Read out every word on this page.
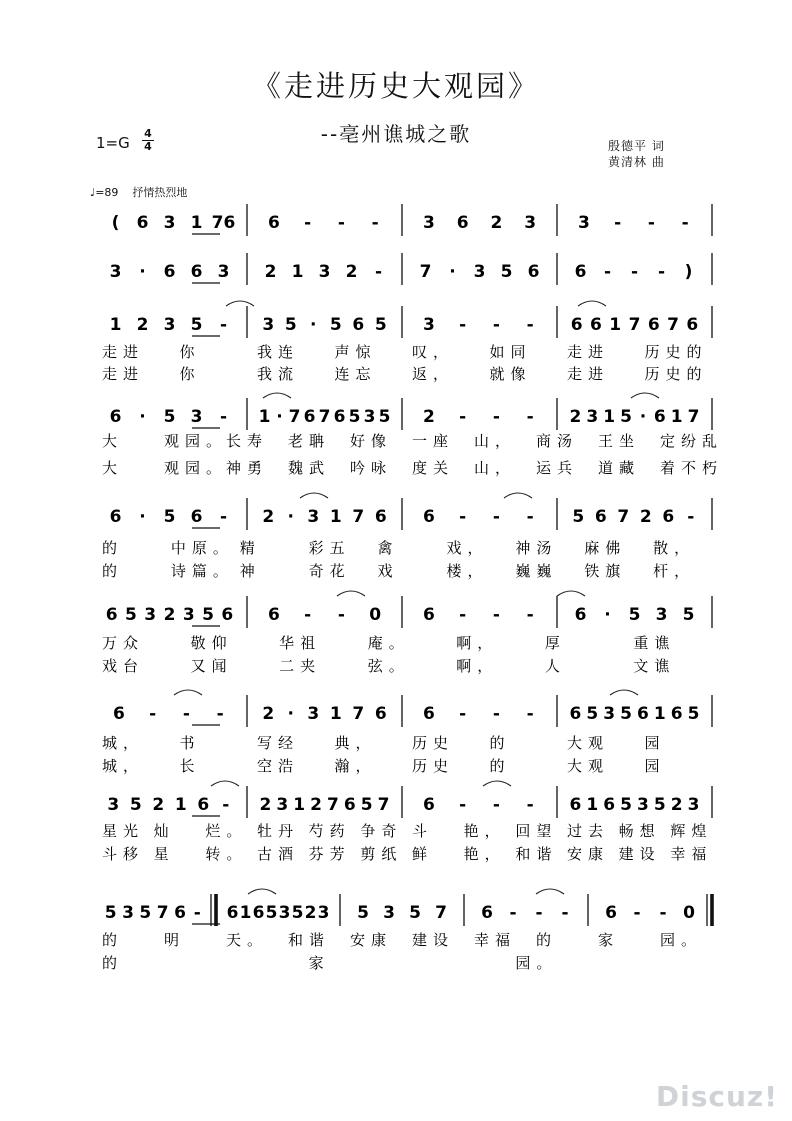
《走进历史大观园》
--亳州谯城之歌
1=G
4
4	殷德平 词
黄清林 曲
♩=89 抒情热烈地
( 6 3 1 76 6 - - -	3 6 2 3 3 - - -
3 · 6 6 3 2 1 3 2 - 7 · 3 5 6 6 - - - )
1 2 3 5 - 3 5 · 5 6 5 3 - - - 6 6 1 7 6 7 6
走进 你	我连 声惊 叹， 如同 走进 历史的
走进 你	我流 连忘 返， 就像 走进 历史的
6 · 5 3 - 1 · 7 6 7 6 5 3 5 2 - - - 2 3 1 5 · 6 1 7
大	观园。
长寿 老聃 好像 一座 山， 商汤 王坐 定纷乱
大	观园。
神勇 魏武 吟咏 度关 山， 运兵 道藏 着不朽
6 · 5 6 - 2 · 3 1 7 6 6 - - - 5 6 7 2 6 -
的	中原。 精	彩五 禽	戏， 神汤 麻佛 散，
的	诗篇。 神	奇花 戏	楼， 巍巍 铁旗 杆，
6 5 3 2 3 5 6 6 - - 0 6 - - - 6 · 5 3 5
万众	敬仰	华祖	庵。	啊，	厚	重谯
戏台	又闻	二夹	弦。	啊，	人	文谯
6 - - - 2 · 3 1 7 6 6 - - - 6 5 3 5 6 1 6 5
城， 书	写经 典， 历史 的	大观 园
城， 长	空浩 瀚， 历史 的	大观 园
3 5 2 1 6 - 2 3 1 2 7 6 5 7 6 - - - 6 1 6 5 3 5 2 3
星光 灿 烂。 牡丹 芍药 争奇 斗 艳， 回望 过去 畅想 辉煌
斗移 星 转。 古酒 芬芳 剪纸 鲜 艳， 和谐 安康 建设 幸福
5 3 5 7 6 - 6 1 6 5 3 5 2 3 5 3 5 7 6 - - - 6 - - 0
的	明	天。 和谐 安康 建设 幸福 的	家	园。
的	家	园。
Discuz!
